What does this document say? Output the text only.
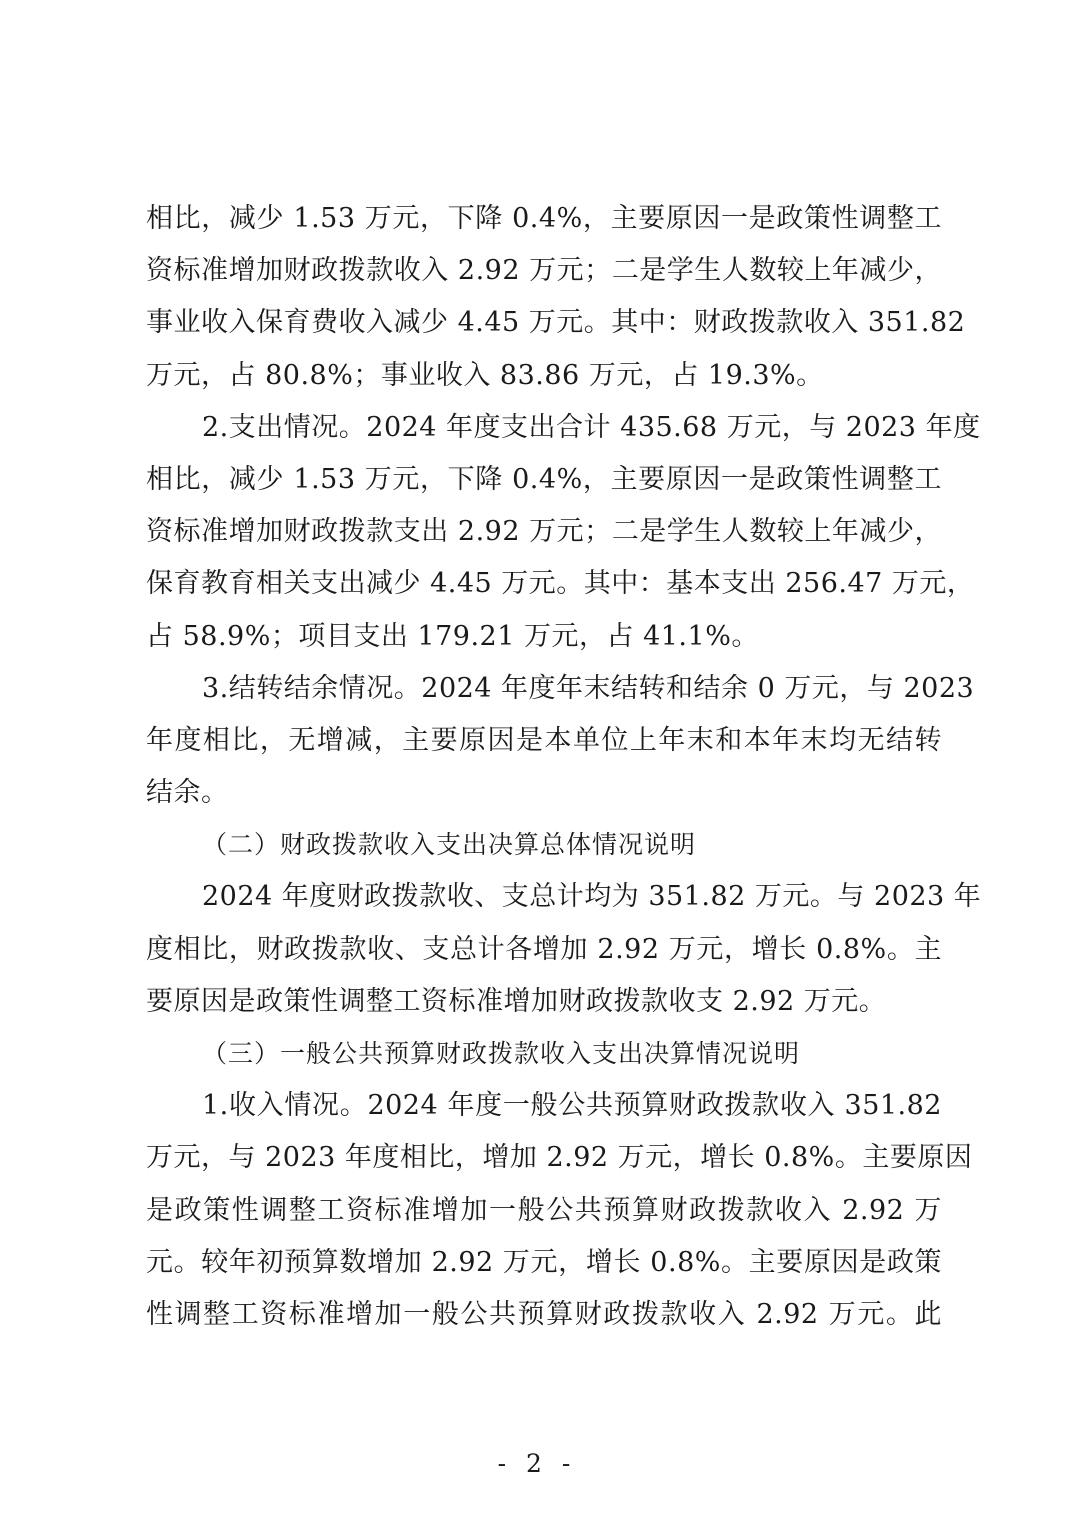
相比，减少 1.53 万元，下降 0.4%，主要原因一是政策性调整工
资标准增加财政拨款收入 2.92 万元；二是学生人数较上年减少，
事业收入保育费收入减少 4.45 万元。其中：财政拨款收入 351.82
万元，占 80.8%；事业收入 83.86 万元，占 19.3%。
2.支出情况。2024 年度支出合计 435.68 万元，与 2023 年度
相比，减少 1.53 万元，下降 0.4%，主要原因一是政策性调整工
资标准增加财政拨款支出 2.92 万元；二是学生人数较上年减少，
保育教育相关支出减少 4.45 万元。其中：基本支出 256.47 万元，
占 58.9%；项目支出 179.21 万元，占 41.1%。
3.结转结余情况。2024 年度年末结转和结余 0 万元，与 2023
年度相比，无增减，主要原因是本单位上年末和本年末均无结转
结余。
（二）财政拨款收入支出决算总体情况说明
2024 年度财政拨款收、支总计均为 351.82 万元。与 2023 年
度相比，财政拨款收、支总计各增加 2.92 万元，增长 0.8%。主
要原因是政策性调整工资标准增加财政拨款收支 2.92 万元。
（三）一般公共预算财政拨款收入支出决算情况说明
1.收入情况。2024 年度一般公共预算财政拨款收入 351.82
万元，与 2023 年度相比，增加 2.92 万元，增长 0.8%。主要原因
是政策性调整工资标准增加一般公共预算财政拨款收入 2.92 万
元。较年初预算数增加 2.92 万元，增长 0.8%。主要原因是政策
性调整工资标准增加一般公共预算财政拨款收入 2.92 万元。此
- 2 -
